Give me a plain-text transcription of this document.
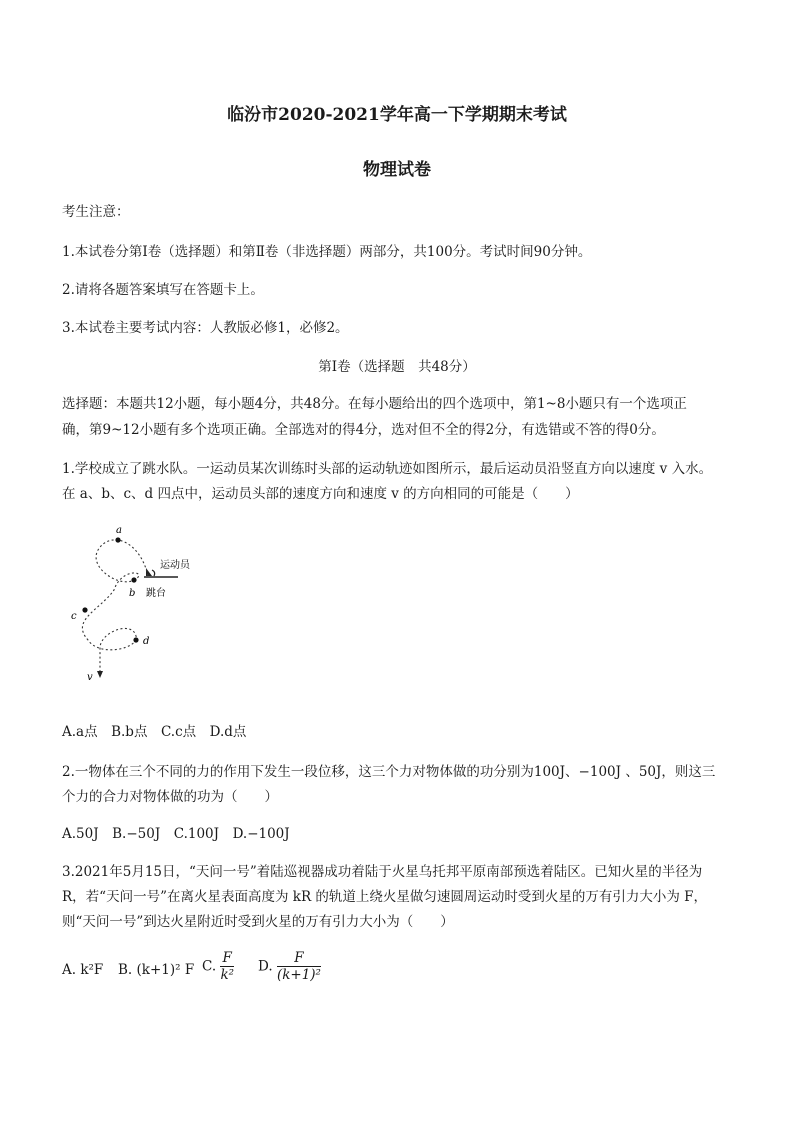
临汾市2020-2021学年高一下学期期末考试
物理试卷
考生注意：
1.本试卷分第Ⅰ卷（选择题）和第Ⅱ卷（非选择题）两部分，共100分。考试时间90分钟。
2.请将各题答案填写在答题卡上。
3.本试卷主要考试内容：人教版必修1，必修2。
第Ⅰ卷（选择题　共48分）
选择题：本题共12小题，每小题4分，共48分。在每小题给出的四个选项中，第1~8小题只有一个选项正
确，第9~12小题有多个选项正确。全部选对的得4分，选对但不全的得2分，有选错或不答的得0分。
1.学校成立了跳水队。一运动员某次训练时头部的运动轨迹如图所示，最后运动员沿竖直方向以速度 v 入水。
在 a、b、c、d 四点中，运动员头部的速度方向和速度 v 的方向相同的可能是（　　）
a
b
c
d
v
运动员
跳台
A.a点　B.b点　C.c点　D.d点
2.一物体在三个不同的力的作用下发生一段位移，这三个力对物体做的功分别为100J、−100J 、50J，则这三
个力的合力对物体做的功为（　　）
A.50J　B.−50J　C.100J　D.−100J
3.2021年5月15日，“天问一号”着陆巡视器成功着陆于火星乌托邦平原南部预选着陆区。已知火星的半径为
R，若“天问一号”在离火星表面高度为 kR 的轨道上绕火星做匀速圆周运动时受到火星的万有引力大小为 F，
则“天问一号”到达火星附近时受到火星的万有引力大小为（　　）
A. k²F B. (k+1)² F C. $\frac{F}{\text{k²}} D$. $\frac{F}{\text{(k+1)²}}$
